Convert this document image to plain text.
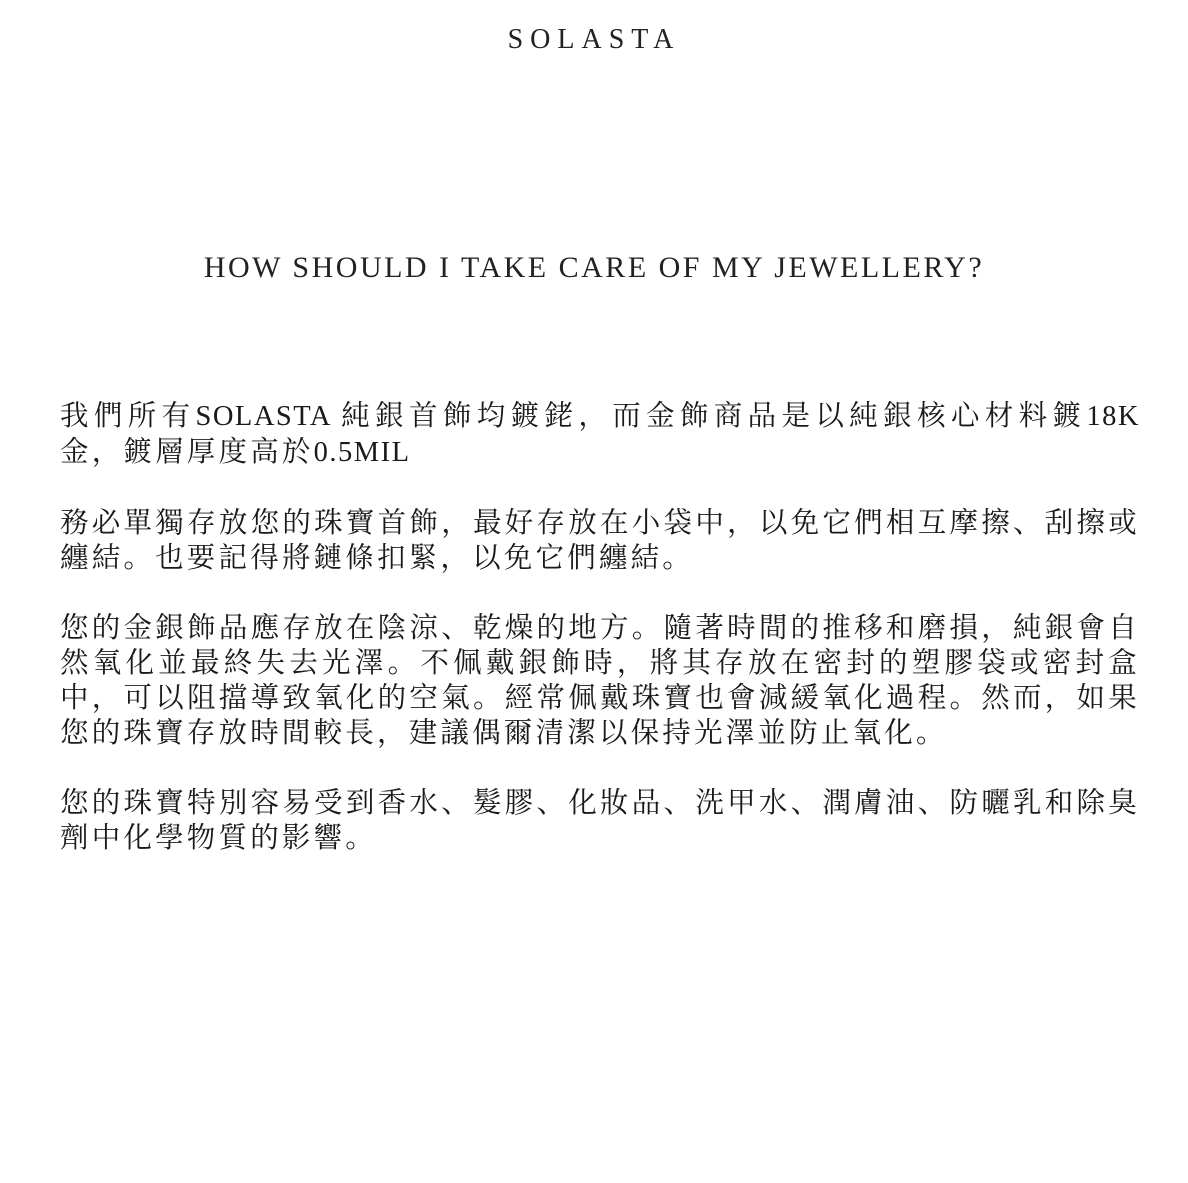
SOLASTA
HOW SHOULD I TAKE CARE OF MY JEWELLERY?

我們所有SOLASTA 純銀首飾均鍍銠，而金飾商品是以純銀核心材料鍍18K金，鍍層厚度高於0.5MIL

務必單獨存放您的珠寶首飾，最好存放在小袋中，以免它們相互摩擦、刮擦或纏結。也要記得將鏈條扣緊，以免它們纏結。

您的金銀飾品應存放在陰涼、乾燥的地方。隨著時間的推移和磨損，純銀會自然氧化並最終失去光澤。不佩戴銀飾時，將其存放在密封的塑膠袋或密封盒中，可以阻擋導致氧化的空氣。經常佩戴珠寶也會減緩氧化過程。然而，如果您的珠寶存放時間較長，建議偶爾清潔以保持光澤並防止氧化。

您的珠寶特別容易受到香水、髮膠、化妝品、洗甲水、潤膚油、防曬乳和除臭劑中化學物質的影響。
